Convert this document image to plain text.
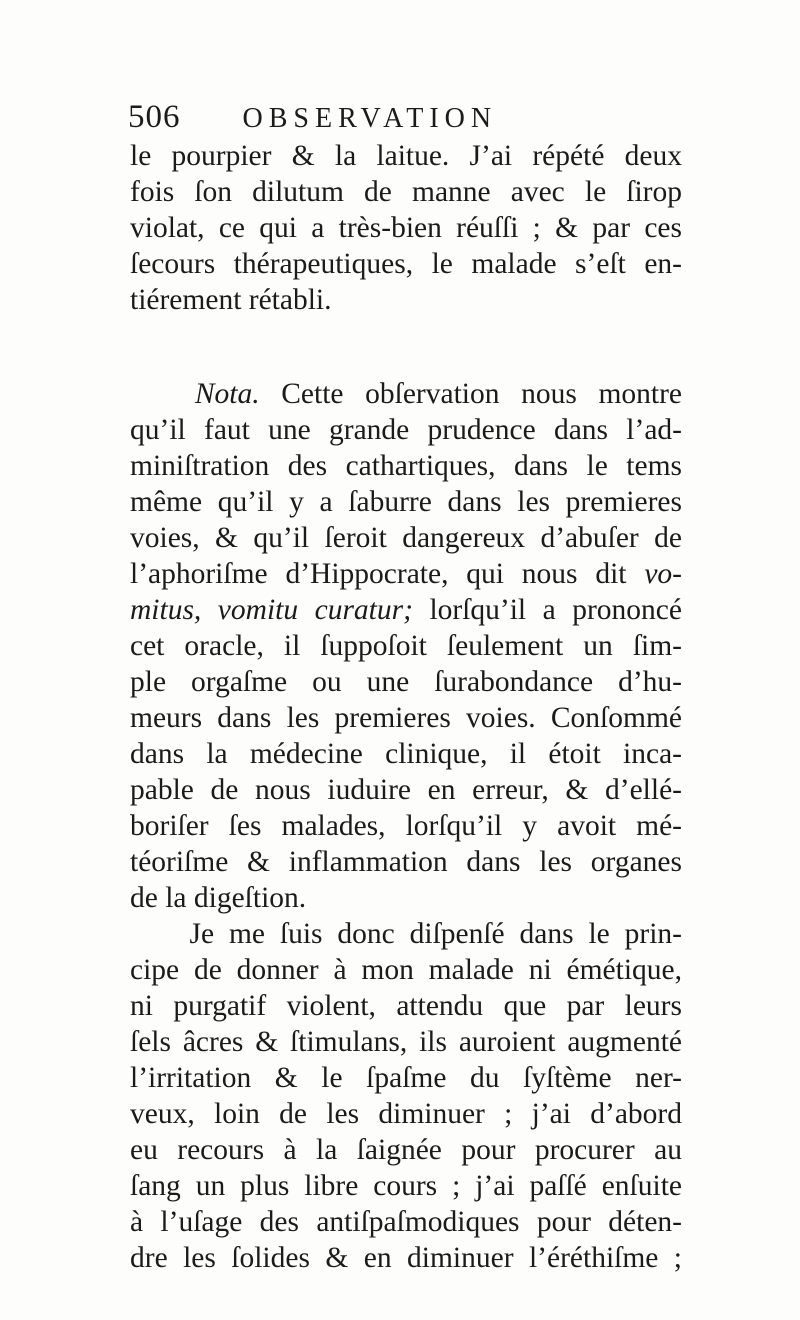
506 OBSERVATION
le pourpier & la laitue. J’ai répété deux
fois ſon dilutum de manne avec le ſirop
violat, ce qui a très-bien réuſſi ; & par ces
ſecours thérapeutiques, le malade s’eſt en-
tiérement rétabli.
Nota. Cette obſervation nous montre
qu’il faut une grande prudence dans l’ad-
miniſtration des cathartiques, dans le tems
même qu’il y a ſaburre dans les premieres
voies, & qu’il ſeroit dangereux d’abuſer de
l’aphoriſme d’Hippocrate, qui nous dit vo-
mitus, vomitu curatur; lorſqu’il a prononcé
cet oracle, il ſuppoſoit ſeulement un ſim-
ple orgaſme ou une ſurabondance d’hu-
meurs dans les premieres voies. Conſommé
dans la médecine clinique, il étoit inca-
pable de nous iuduire en erreur, & d’ellé-
boriſer ſes malades, lorſqu’il y avoit mé-
téoriſme & inflammation dans les organes
de la digeſtion.
Je me ſuis donc diſpenſé dans le prin-
cipe de donner à mon malade ni émétique,
ni purgatif violent, attendu que par leurs
ſels âcres & ſtimulans, ils auroient augmenté
l’irritation & le ſpaſme du ſyſtème ner-
veux, loin de les diminuer ; j’ai d’abord
eu recours à la ſaignée pour procurer au
ſang un plus libre cours ; j’ai paſſé enſuite
à l’uſage des antiſpaſmodiques pour déten-
dre les ſolides & en diminuer l’éréthiſme ;
